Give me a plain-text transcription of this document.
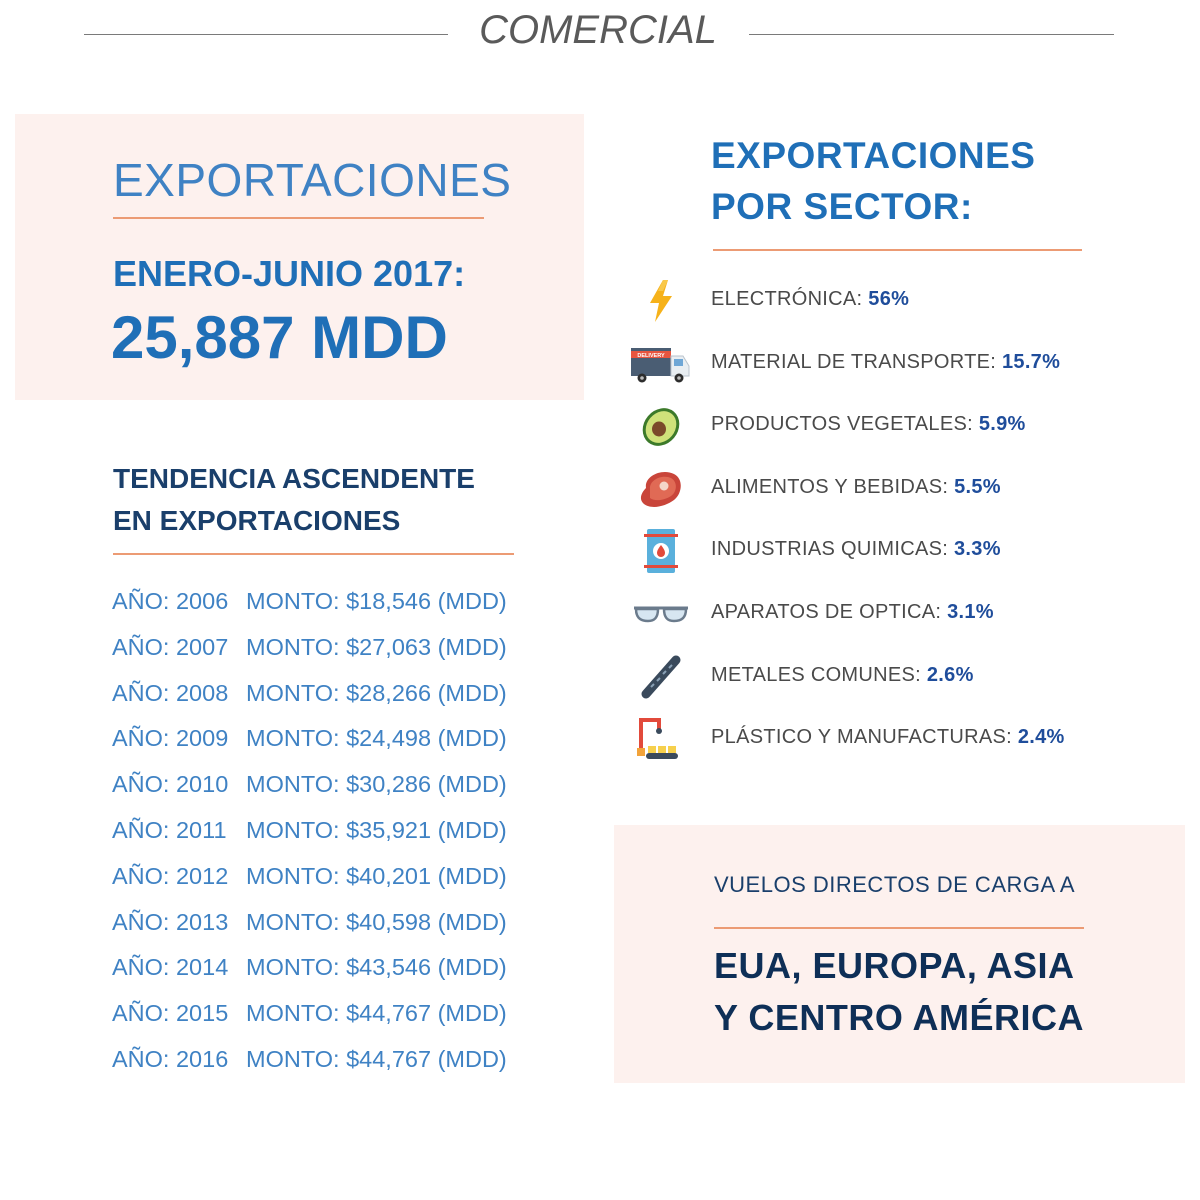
COMERCIAL
EXPORTACIONES
ENERO-JUNIO 2017:
25,887 MDD
TENDENCIA ASCENDENTE
EN EXPORTACIONES
AÑO: 2006 MONTO: $18,546 (MDD)
AÑO: 2007 MONTO: $27,063 (MDD)
AÑO: 2008 MONTO: $28,266 (MDD)
AÑO: 2009 MONTO: $24,498 (MDD)
AÑO: 2010 MONTO: $30,286 (MDD)
AÑO: 2011 MONTO: $35,921 (MDD)
AÑO: 2012 MONTO: $40,201 (MDD)
AÑO: 2013 MONTO: $40,598 (MDD)
AÑO: 2014 MONTO: $43,546 (MDD)
AÑO: 2015 MONTO: $44,767 (MDD)
AÑO: 2016 MONTO: $44,767 (MDD)
EXPORTACIONES
POR SECTOR:
ELECTRÓNICA: 56%
DELIVERY MATERIAL DE TRANSPORTE: 15.7%
PRODUCTOS VEGETALES: 5.9%
ALIMENTOS Y BEBIDAS: 5.5%
INDUSTRIAS QUIMICAS: 3.3%
APARATOS DE OPTICA: 3.1%
METALES COMUNES: 2.6%
PLÁSTICO Y MANUFACTURAS: 2.4%
VUELOS DIRECTOS DE CARGA A
EUA, EUROPA, ASIA
Y CENTRO AMÉRICA
